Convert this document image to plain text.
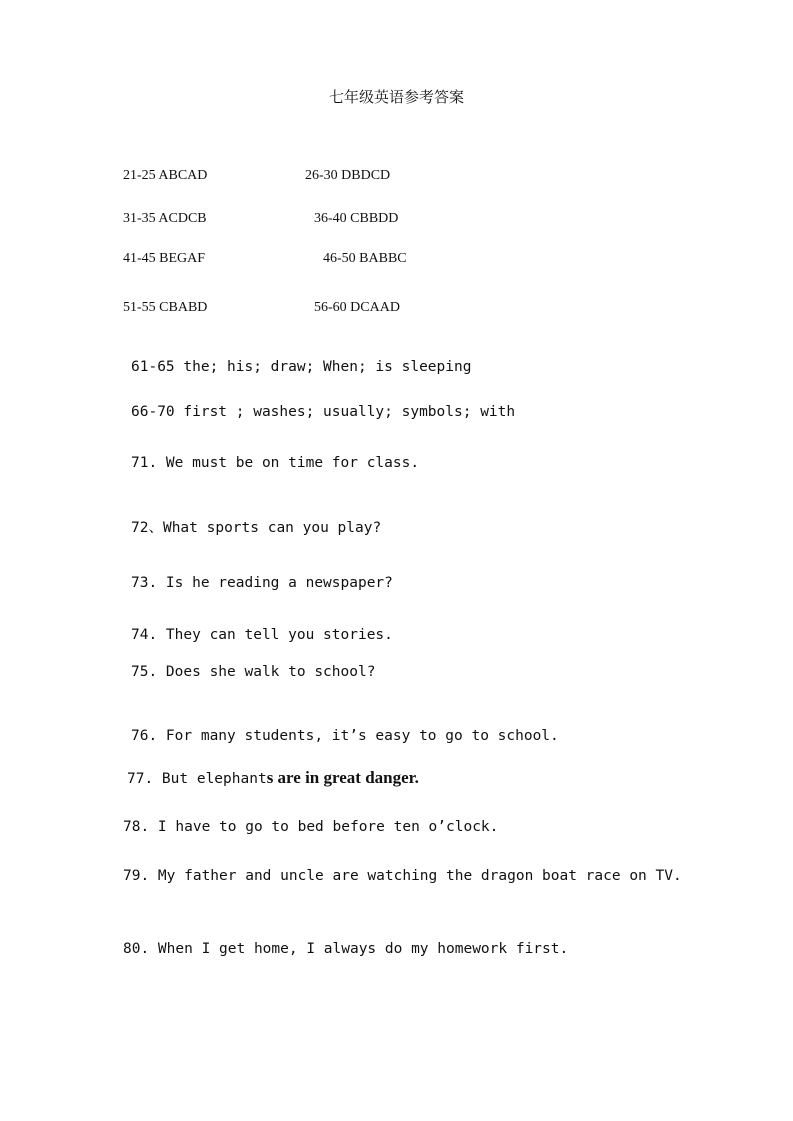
七年级英语参考答案
21-25 ABCAD	26-30 DBDCD
31-35 ACDCB	36-40 CBBDD
41-45 BEGAF	46-50 BABBC
51-55 CBABD	56-60 DCAAD
61-65 the; his; draw; When; is sleeping
66-70 first ; washes; usually; symbols; with
71. We must be on time for class.
72、What sports can you play?
73. Is he reading a newspaper?
74. They can tell you stories.
75. Does she walk to school?
76. For many students, it’s easy to go to school.
77. But elephants are in great danger.
78. I have to go to bed before ten o’clock.
79. My father and uncle are watching the dragon boat race on TV.
80. When I get home, I always do my homework first.
